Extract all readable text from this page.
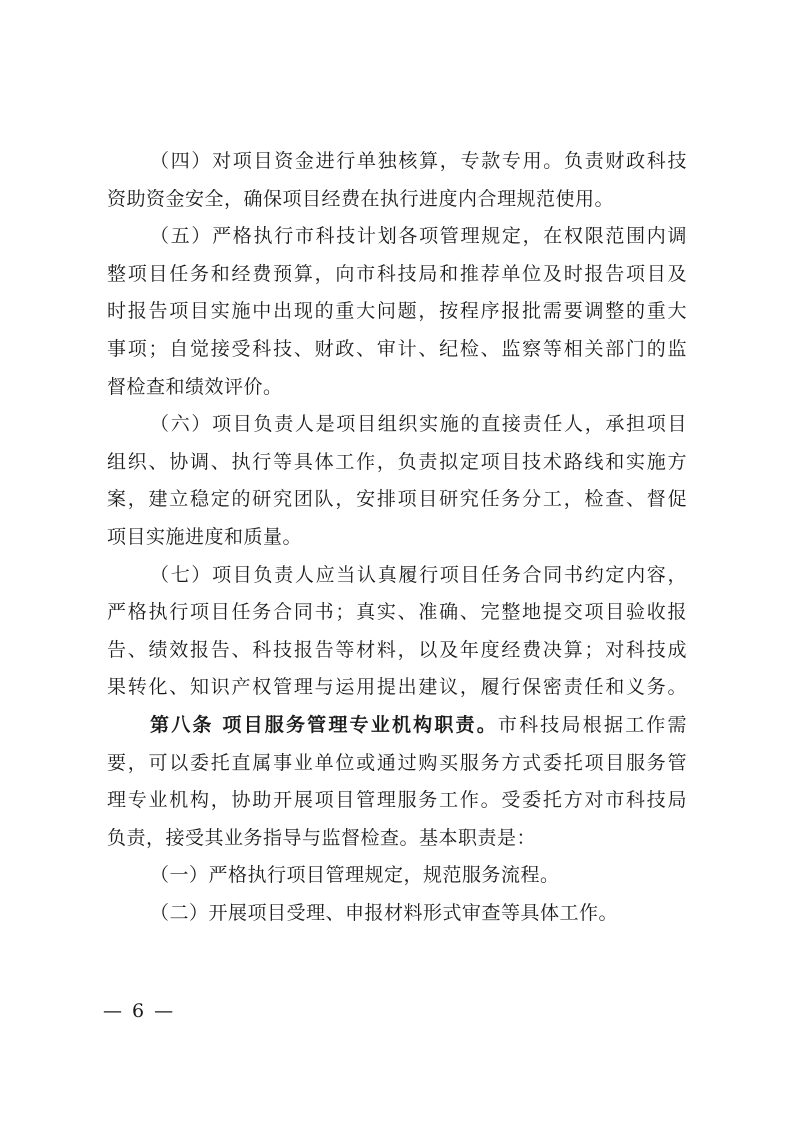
（四）对项目资金进行单独核算，专款专用。负责财政科技
资助资金安全，确保项目经费在执行进度内合理规范使用。
（五）严格执行市科技计划各项管理规定，在权限范围内调
整项目任务和经费预算，向市科技局和推荐单位及时报告项目及
时报告项目实施中出现的重大问题，按程序报批需要调整的重大
事项；自觉接受科技、财政、审计、纪检、监察等相关部门的监
督检查和绩效评价。
（六）项目负责人是项目组织实施的直接责任人，承担项目
组织、协调、执行等具体工作，负责拟定项目技术路线和实施方
案，建立稳定的研究团队，安排项目研究任务分工，检查、督促
项目实施进度和质量。
（七）项目负责人应当认真履行项目任务合同书约定内容，
严格执行项目任务合同书；真实、准确、完整地提交项目验收报
告、绩效报告、科技报告等材料，以及年度经费决算；对科技成
果转化、知识产权管理与运用提出建议，履行保密责任和义务。
第八条 项目服务管理专业机构职责。市科技局根据工作需
要，可以委托直属事业单位或通过购买服务方式委托项目服务管
理专业机构，协助开展项目管理服务工作。受委托方对市科技局
负责，接受其业务指导与监督检查。基本职责是：
（一）严格执行项目管理规定，规范服务流程。
（二）开展项目受理、申报材料形式审查等具体工作。
— 6 —
